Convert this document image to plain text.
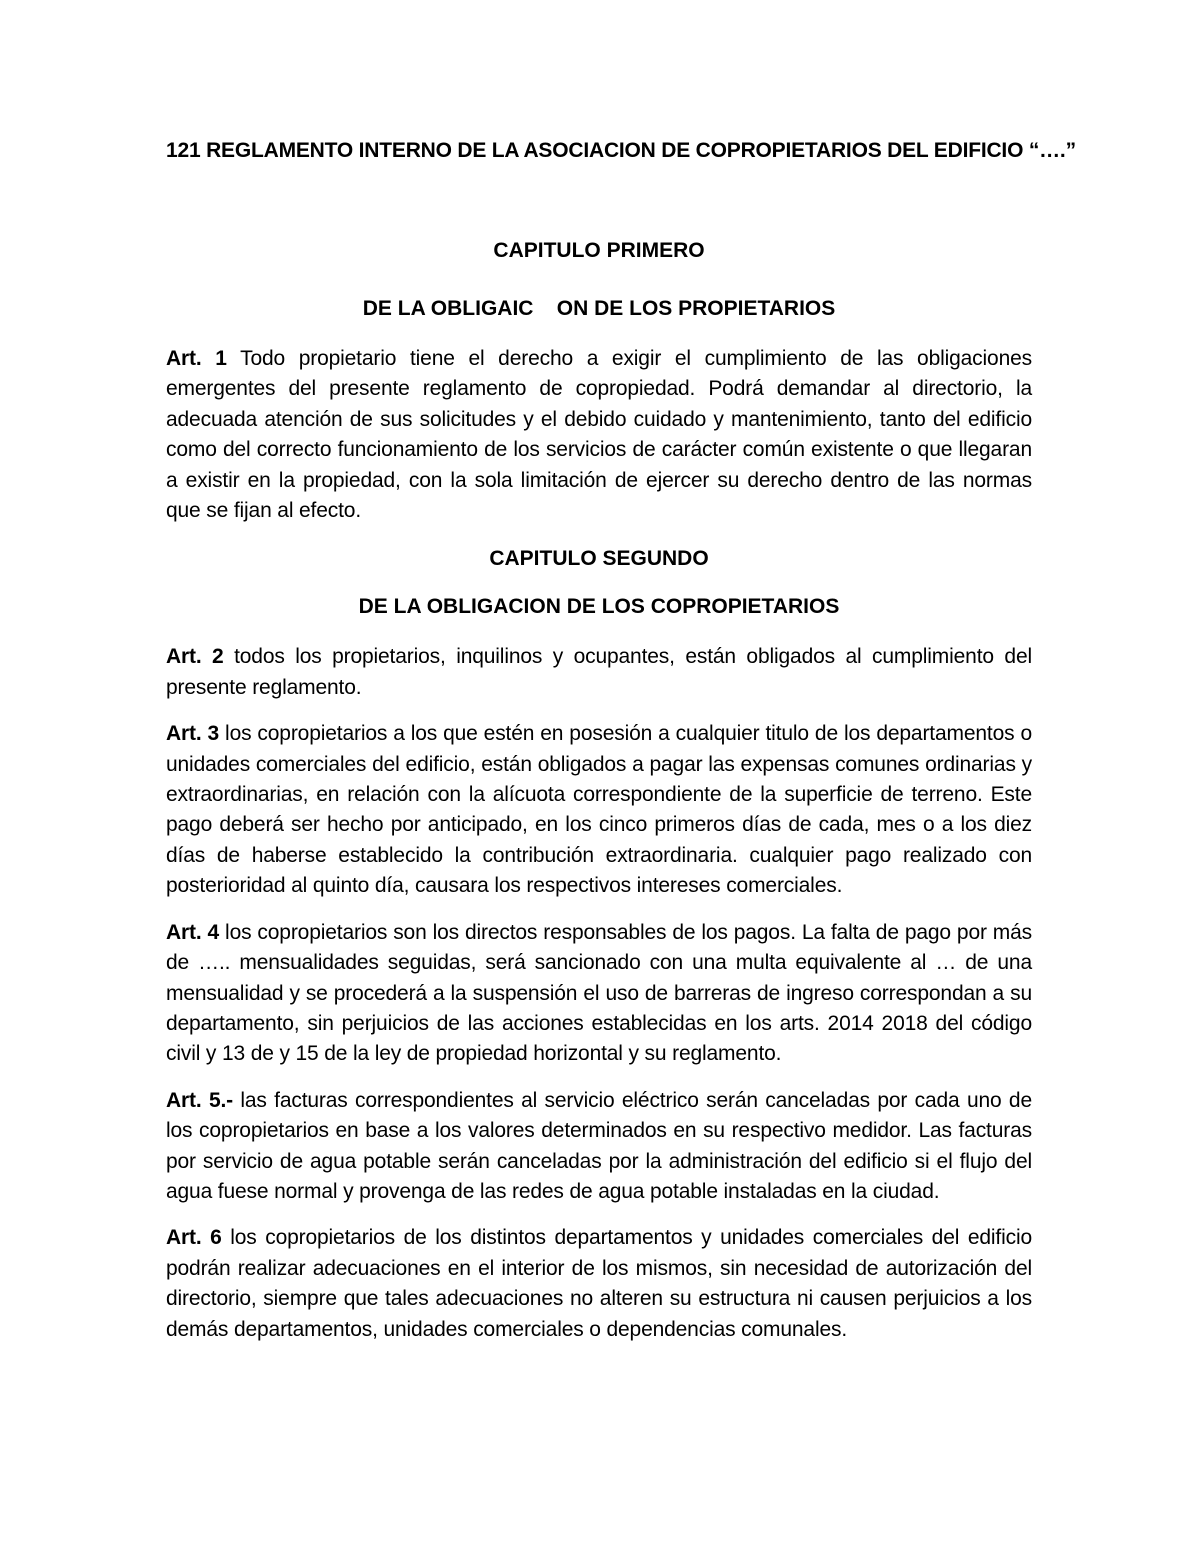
121 REGLAMENTO INTERNO DE LA ASOCIACION DE COPROPIETARIOS DEL EDIFICIO “….”

CAPITULO PRIMERO

DE LA OBLIGAIC    ON DE LOS PROPIETARIOS

Art. 1 Todo propietario tiene el derecho a exigir el cumplimiento de las obligaciones emergentes del presente reglamento de copropiedad. Podrá demandar al directorio, la adecuada atención de sus solicitudes y el debido cuidado y mantenimiento, tanto del edificio como del correcto funcionamiento de los servicios de carácter común existente o que llegaran a existir en la propiedad, con la sola limitación de ejercer su derecho dentro de las normas que se fijan al efecto.

CAPITULO SEGUNDO

DE LA OBLIGACION DE LOS COPROPIETARIOS

Art. 2 todos los propietarios, inquilinos y ocupantes, están obligados al cumplimiento del presente reglamento.

Art. 3 los copropietarios a los que estén en posesión a cualquier titulo de los departamentos o unidades comerciales del edificio, están obligados a pagar las expensas comunes ordinarias y extraordinarias, en relación con la alícuota correspondiente de la superficie de terreno. Este pago deberá ser hecho por anticipado, en los cinco primeros días de cada, mes o a los diez días de haberse establecido la contribución extraordinaria. cualquier pago realizado con posterioridad al quinto día, causara los respectivos intereses comerciales.

Art. 4 los copropietarios son los directos responsables de los pagos. La falta de pago por más de ….. mensualidades seguidas, será sancionado con una multa equivalente al … de una mensualidad y se procederá a la suspensión el uso de barreras de ingreso correspondan a su departamento, sin perjuicios de las acciones establecidas en los arts. 2014 2018 del código civil y 13 de y 15 de la ley de propiedad horizontal y su reglamento.

Art. 5.- las facturas correspondientes al servicio eléctrico serán canceladas por cada uno de los copropietarios en base a los valores determinados en su respectivo medidor. Las facturas por servicio de agua potable serán canceladas por la administración del edificio si el flujo del agua fuese normal y provenga de las redes de agua potable instaladas en la ciudad.

Art. 6 los copropietarios de los distintos departamentos y unidades comerciales del edificio podrán realizar adecuaciones en el interior de los mismos, sin necesidad de autorización del directorio, siempre que tales adecuaciones no alteren su estructura ni causen perjuicios a los demás departamentos, unidades comerciales o dependencias comunales.
